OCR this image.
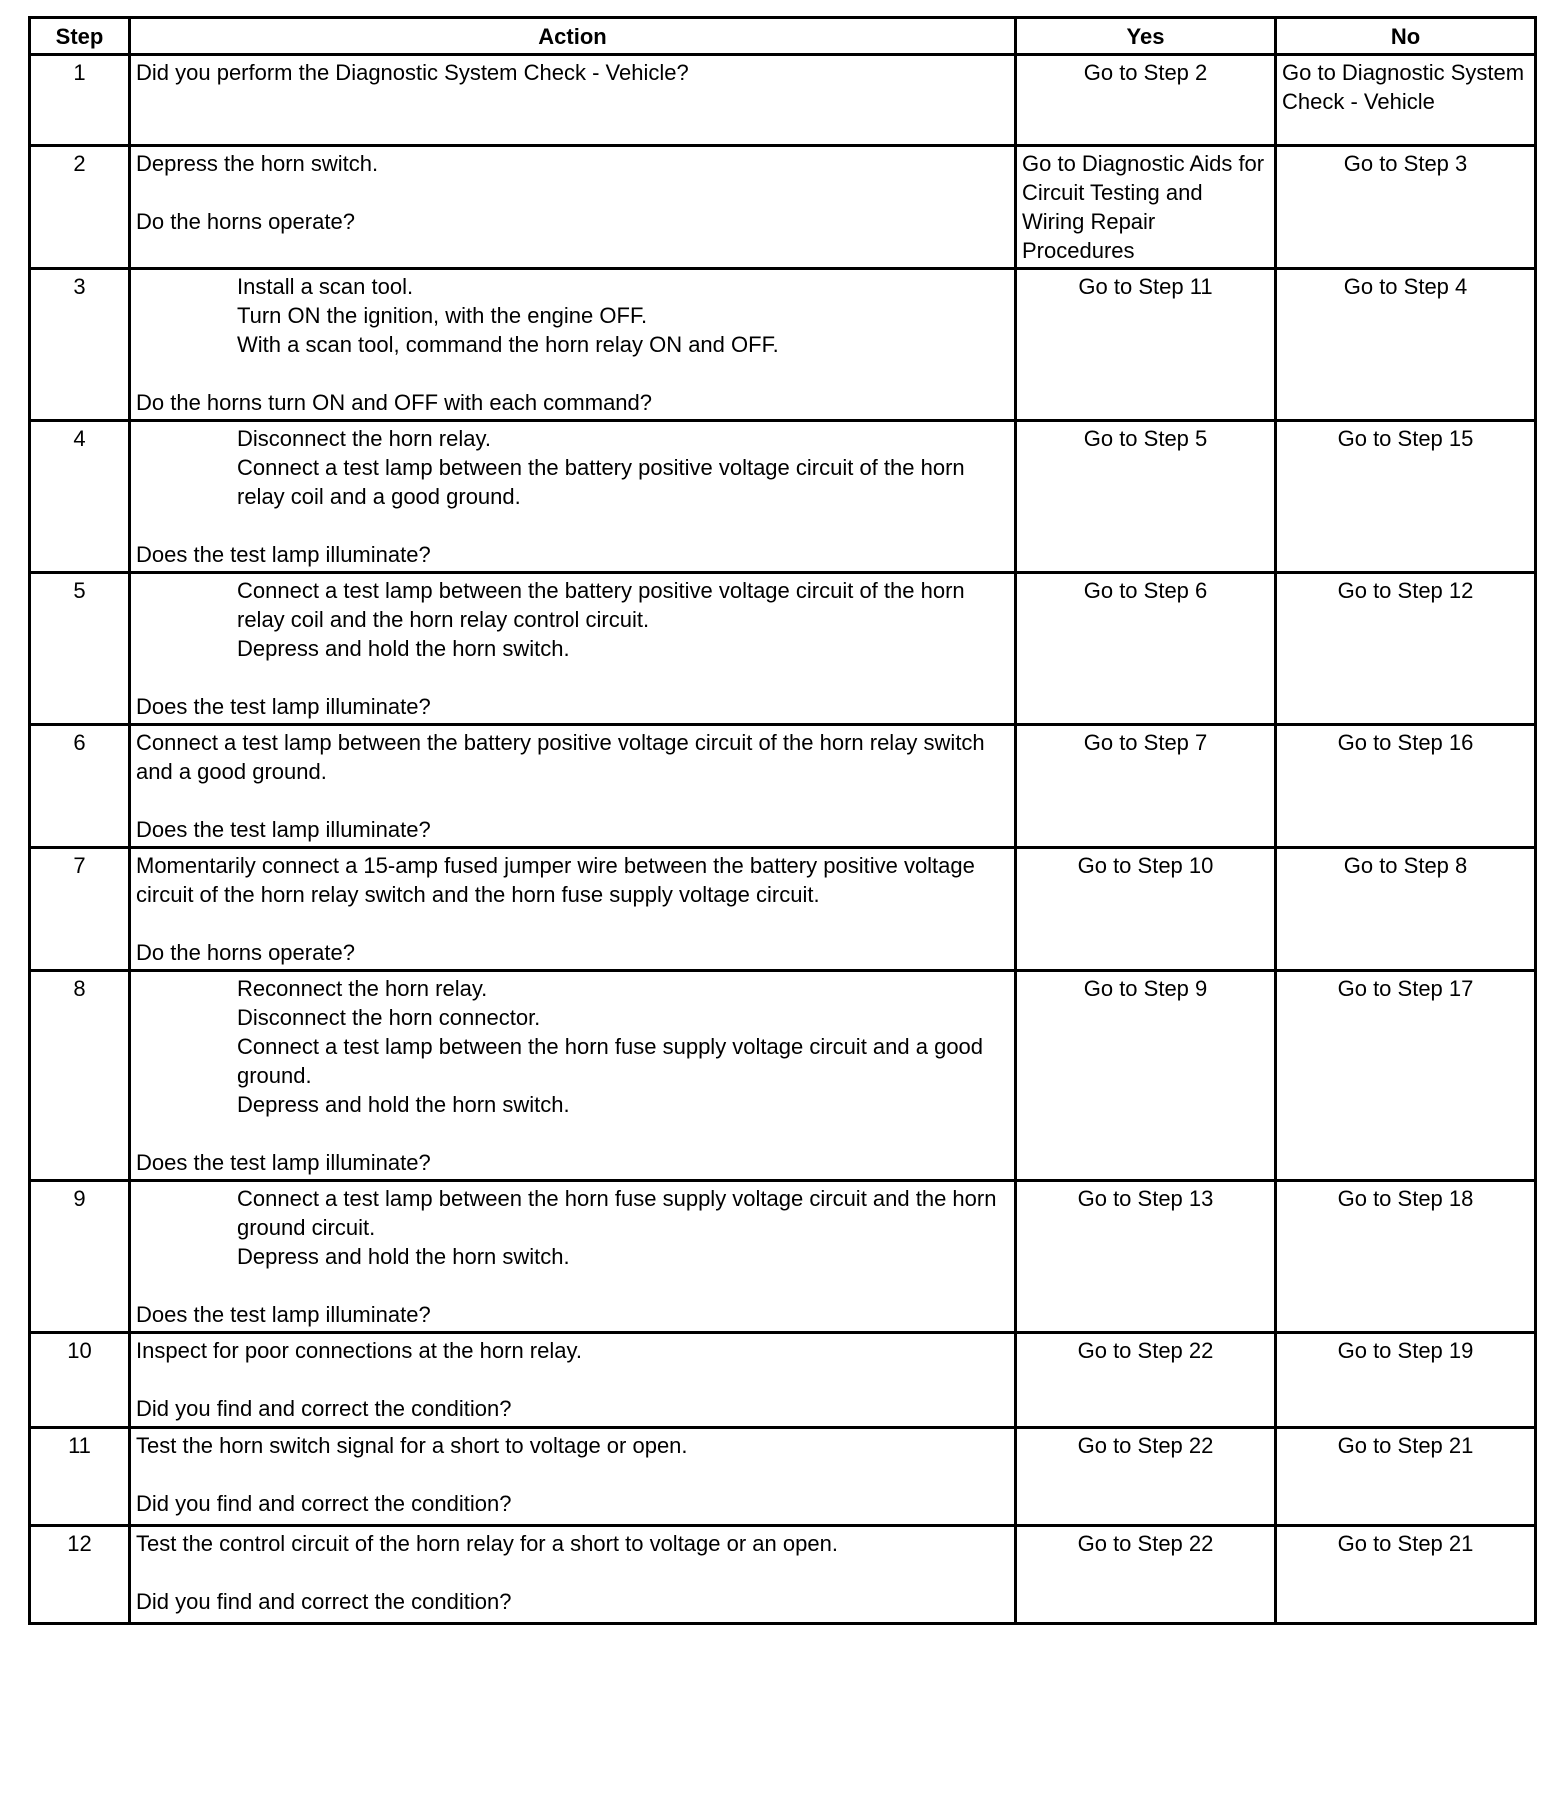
Step	Action	Yes	No
1	Did you perform the Diagnostic System Check - Vehicle?	Go to Step 2	Go to Diagnostic System Check - Vehicle
2	Depress the horn switch.
Do the horns operate?	Go to Diagnostic Aids for Circuit Testing and Wiring Repair Procedures	Go to Step 3
3	Install a scan tool.
Turn ON the ignition, with the engine OFF.
With a scan tool, command the horn relay ON and OFF.
Do the horns turn ON and OFF with each command?	Go to Step 11	Go to Step 4
4	Disconnect the horn relay.
Connect a test lamp between the battery positive voltage circuit of the horn relay coil and a good ground.
Does the test lamp illuminate?	Go to Step 5	Go to Step 15
5	Connect a test lamp between the battery positive voltage circuit of the horn relay coil and the horn relay control circuit.
Depress and hold the horn switch.
Does the test lamp illuminate?	Go to Step 6	Go to Step 12
6	Connect a test lamp between the battery positive voltage circuit of the horn relay switch and a good ground.
Does the test lamp illuminate?	Go to Step 7	Go to Step 16
7	Momentarily connect a 15-amp fused jumper wire between the battery positive voltage circuit of the horn relay switch and the horn fuse supply voltage circuit.
Do the horns operate?	Go to Step 10	Go to Step 8
8	Reconnect the horn relay.
Disconnect the horn connector.
Connect a test lamp between the horn fuse supply voltage circuit and a good ground.
Depress and hold the horn switch.
Does the test lamp illuminate?	Go to Step 9	Go to Step 17
9	Connect a test lamp between the horn fuse supply voltage circuit and the horn ground circuit.
Depress and hold the horn switch.
Does the test lamp illuminate?	Go to Step 13	Go to Step 18
10	Inspect for poor connections at the horn relay.
Did you find and correct the condition?	Go to Step 22	Go to Step 19
11	Test the horn switch signal for a short to voltage or open.
Did you find and correct the condition?	Go to Step 22	Go to Step 21
12	Test the control circuit of the horn relay for a short to voltage or an open.
Did you find and correct the condition?	Go to Step 22	Go to Step 21
